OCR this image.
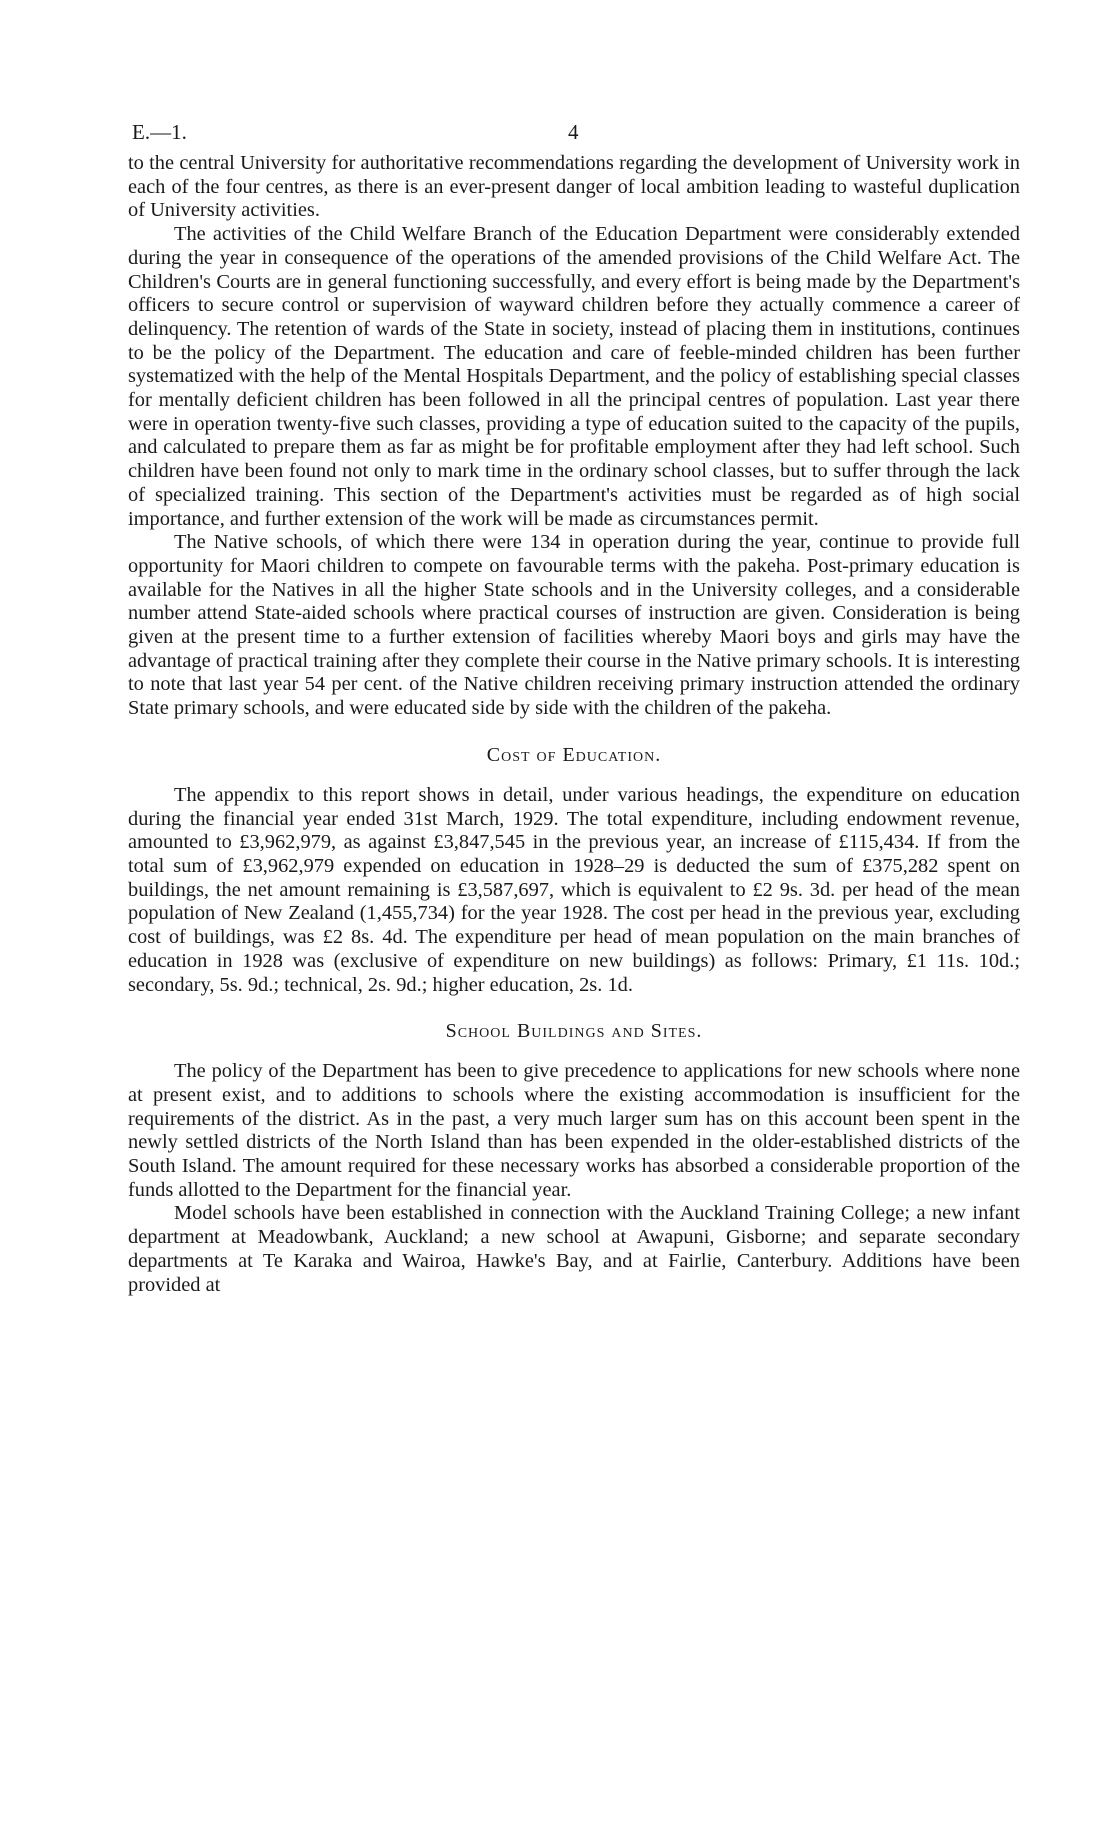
E.—1.	4

to the central University for authoritative recommendations regarding the development of University work in each of the four centres, as there is an ever-present danger of local ambition leading to wasteful duplication of University activities.

The activities of the Child Welfare Branch of the Education Department were considerably extended during the year in consequence of the operations of the amended provisions of the Child Welfare Act. The Children's Courts are in general functioning successfully, and every effort is being made by the Department's officers to secure control or supervision of wayward children before they actually commence a career of delinquency. The retention of wards of the State in society, instead of placing them in institutions, continues to be the policy of the Department. The education and care of feeble-minded children has been further systematized with the help of the Mental Hospitals Department, and the policy of establishing special classes for mentally deficient children has been followed in all the principal centres of population. Last year there were in operation twenty-five such classes, providing a type of education suited to the capacity of the pupils, and calculated to prepare them as far as might be for profitable employment after they had left school. Such children have been found not only to mark time in the ordinary school classes, but to suffer through the lack of specialized training. This section of the Department's activities must be regarded as of high social importance, and further extension of the work will be made as circumstances permit.

The Native schools, of which there were 134 in operation during the year, continue to provide full opportunity for Maori children to compete on favourable terms with the pakeha. Post-primary education is available for the Natives in all the higher State schools and in the University colleges, and a considerable number attend State-aided schools where practical courses of instruction are given. Consideration is being given at the present time to a further extension of facilities whereby Maori boys and girls may have the advantage of practical training after they complete their course in the Native primary schools. It is interesting to note that last year 54 per cent. of the Native children receiving primary instruction attended the ordinary State primary schools, and were educated side by side with the children of the pakeha.

Cost of Education.

The appendix to this report shows in detail, under various headings, the expenditure on education during the financial year ended 31st March, 1929. The total expenditure, including endowment revenue, amounted to £3,962,979, as against £3,847,545 in the previous year, an increase of £115,434. If from the total sum of £3,962,979 expended on education in 1928–29 is deducted the sum of £375,282 spent on buildings, the net amount remaining is £3,587,697, which is equivalent to £2 9s. 3d. per head of the mean population of New Zealand (1,455,734) for the year 1928. The cost per head in the previous year, excluding cost of buildings, was £2 8s. 4d. The expenditure per head of mean population on the main branches of education in 1928 was (exclusive of expenditure on new buildings) as follows: Primary, £1 11s. 10d.; secondary, 5s. 9d.; technical, 2s. 9d.; higher education, 2s. 1d.

School Buildings and Sites.

The policy of the Department has been to give precedence to applications for new schools where none at present exist, and to additions to schools where the existing accommodation is insufficient for the requirements of the district. As in the past, a very much larger sum has on this account been spent in the newly settled districts of the North Island than has been expended in the older-established districts of the South Island. The amount required for these necessary works has absorbed a considerable proportion of the funds allotted to the Department for the financial year.

Model schools have been established in connection with the Auckland Training College; a new infant department at Meadowbank, Auckland; a new school at Awapuni, Gisborne; and separate secondary departments at Te Karaka and Wairoa, Hawke's Bay, and at Fairlie, Canterbury. Additions have been provided at
